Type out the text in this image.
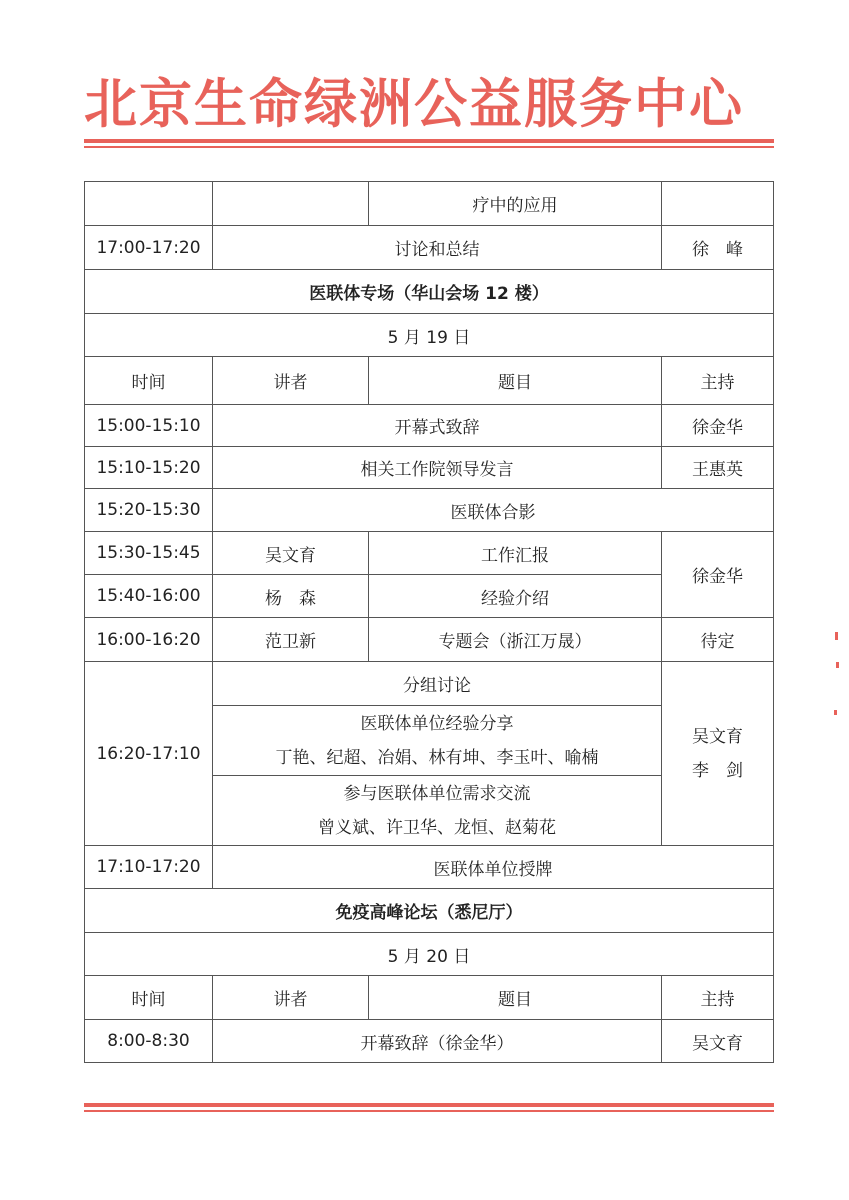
北京生命绿洲公益服务中心
		疗中的应用	
17:00-17:20	讨论和总结		徐　峰
医联体专场（华山会场 12 楼）			
5 月 19 日			
时间	讲者	题目	主持
15:00-15:10	开幕式致辞		徐金华
15:10-15:20	相关工作院领导发言		王惠英
15:20-15:30	医联体合影		
15:30-15:45	吴文育	工作汇报	徐金华
15:40-16:00	杨　森	经验介绍	
16:00-16:20	范卫新	专题会（浙江万晟）	待定
16:20-17:10	分组讨论		吴文育
李　剑

	医联体单位经验分享
丁艳、纪超、冶娟、林有坤、李玉叶、喻楠		

	参与医联体单位需求交流
曾义斌、许卫华、龙恒、赵菊花		

17:10-17:20	医联体单位授牌		
免疫高峰论坛（悉尼厅）			
5 月 20 日			
时间	讲者	题目	主持
8:00-8:30	开幕致辞（徐金华）		吴文育
